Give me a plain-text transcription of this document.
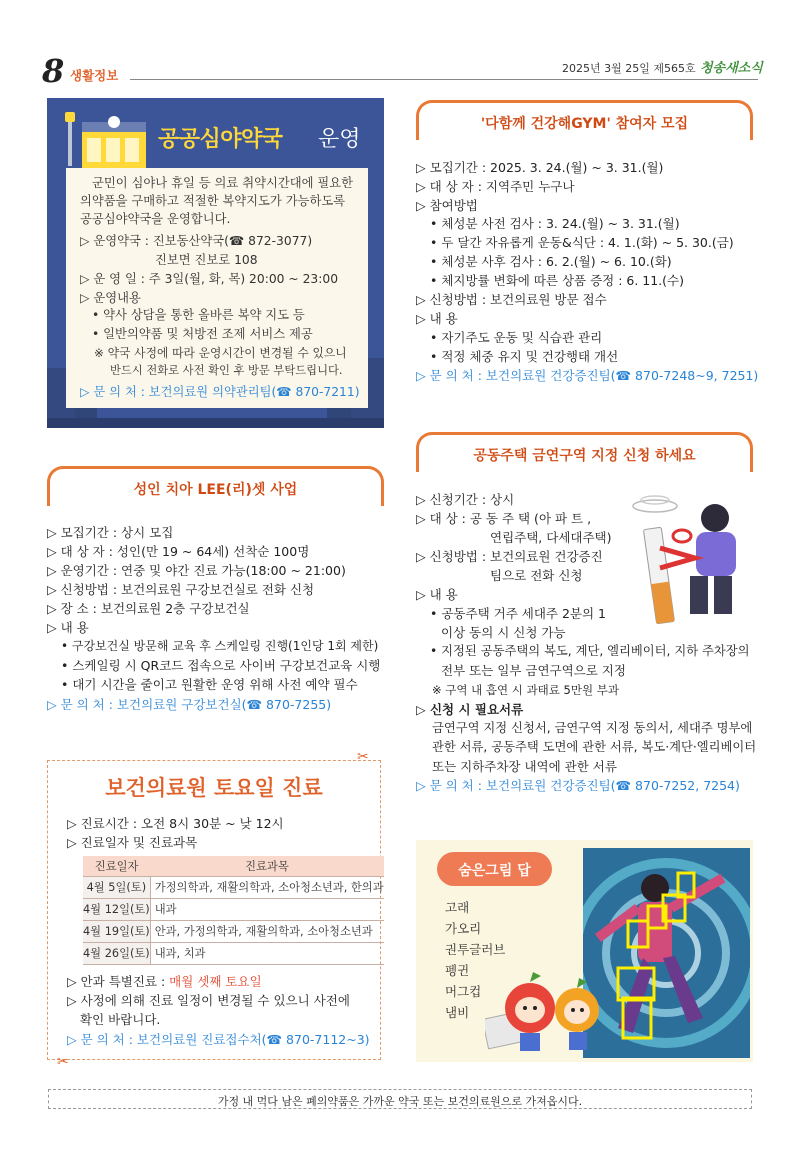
8 생활정보	2025년 3월 25일 제565호 청송새소식
공공심야약국 운영
군민이 심야나 휴일 등 의료 취약시간대에 필요한
의약품을 구매하고 적절한 복약지도가 가능하도록
공공심야약국을 운영합니다.
▷ 운영약국 : 진보동산약국(☎ 872-3077)
진보면 진보로 108
▷ 운 영 일 : 주 3일(월, 화, 목) 20:00 ~ 23:00
▷ 운영내용
• 약사 상담을 통한 올바른 복약 지도 등
• 일반의약품 및 처방전 조제 서비스 제공
※ 약국 사정에 따라 운영시간이 변경될 수 있으니
반드시 전화로 사전 확인 후 방문 부탁드립니다.
▷ 문 의 처 : 보건의료원 의약관리팀(☎ 870-7211)
'다함께 건강해GYM' 참여자 모집
▷ 모집기간 : 2025. 3. 24.(월) ~ 3. 31.(월)
▷ 대 상 자 : 지역주민 누구나
▷ 참여방법
• 체성분 사전 검사 : 3. 24.(월) ~ 3. 31.(월)
• 두 달간 자유롭게 운동&식단 : 4. 1.(화) ~ 5. 30.(금)
• 체성분 사후 검사 : 6. 2.(월) ~ 6. 10.(화)
• 체지방률 변화에 따른 상품 증정 : 6. 11.(수)
▷ 신청방법 : 보건의료원 방문 접수
▷ 내 용
• 자기주도 운동 및 식습관 관리
• 적정 체중 유지 및 건강행태 개선
▷ 문 의 처 : 보건의료원 건강증진팀(☎ 870-7248~9, 7251)
성인 치아 LEE(리)셋 사업
▷ 모집기간 : 상시 모집
▷ 대 상 자 : 성인(만 19 ~ 64세) 선착순 100명
▷ 운영기간 : 연중 및 야간 진료 가능(18:00 ~ 21:00)
▷ 신청방법 : 보건의료원 구강보건실로 전화 신청
▷ 장 소 : 보건의료원 2층 구강보건실
▷ 내 용
• 구강보건실 방문해 교육 후 스케일링 진행(1인당 1회 제한)
• 스케일링 시 QR코드 접속으로 사이버 구강보건교육 시행
• 대기 시간을 줄이고 원활한 운영 위해 사전 예약 필수
▷ 문 의 처 : 보건의료원 구강보건실(☎ 870-7255)
공동주택 금연구역 지정 신청 하세요
▷ 신청기간 : 상시
▷ 대 상 : 공 동 주 택 (아 파 트 ,
연립주택, 다세대주택)
▷ 신청방법 : 보건의료원 건강증진
팀으로 전화 신청
▷ 내 용
• 공동주택 거주 세대주 2분의 1
이상 동의 시 신청 가능
• 지정된 공동주택의 복도, 계단, 엘리베이터, 지하 주차장의
전부 또는 일부 금연구역으로 지정
※ 구역 내 흡연 시 과태료 5만원 부과
▷ 신청 시 필요서류
금연구역 지정 신청서, 금연구역 지정 동의서, 세대주 명부에
관한 서류, 공동주택 도면에 관한 서류, 복도·계단·엘리베이터
또는 지하주차장 내역에 관한 서류
▷ 문 의 처 : 보건의료원 건강증진팀(☎ 870-7252, 7254)
✂
✂
보건의료원 토요일 진료
▷ 진료시간 : 오전 8시 30분 ~ 낮 12시
▷ 진료일자 및 진료과목
진료일자	진료과목
4월 5일(토)	가정의학과, 재활의학과, 소아청소년과, 한의과
4월 12일(토)	내과
4월 19일(토)	안과, 가정의학과, 재활의학과, 소아청소년과
4월 26일(토)	내과, 치과
▷ 안과 특별진료 : 매월 셋째 토요일
▷ 사정에 의해 진료 일정이 변경될 수 있으니 사전에
확인 바랍니다.
▷ 문 의 처 : 보건의료원 진료접수처(☎ 870-7112~3)
숨은그림 답
고래
가오리
권투글러브
펭귄
머그컵
냄비
가정 내 먹다 남은 폐의약품은 가까운 약국 또는 보건의료원으로 가져옵시다.
